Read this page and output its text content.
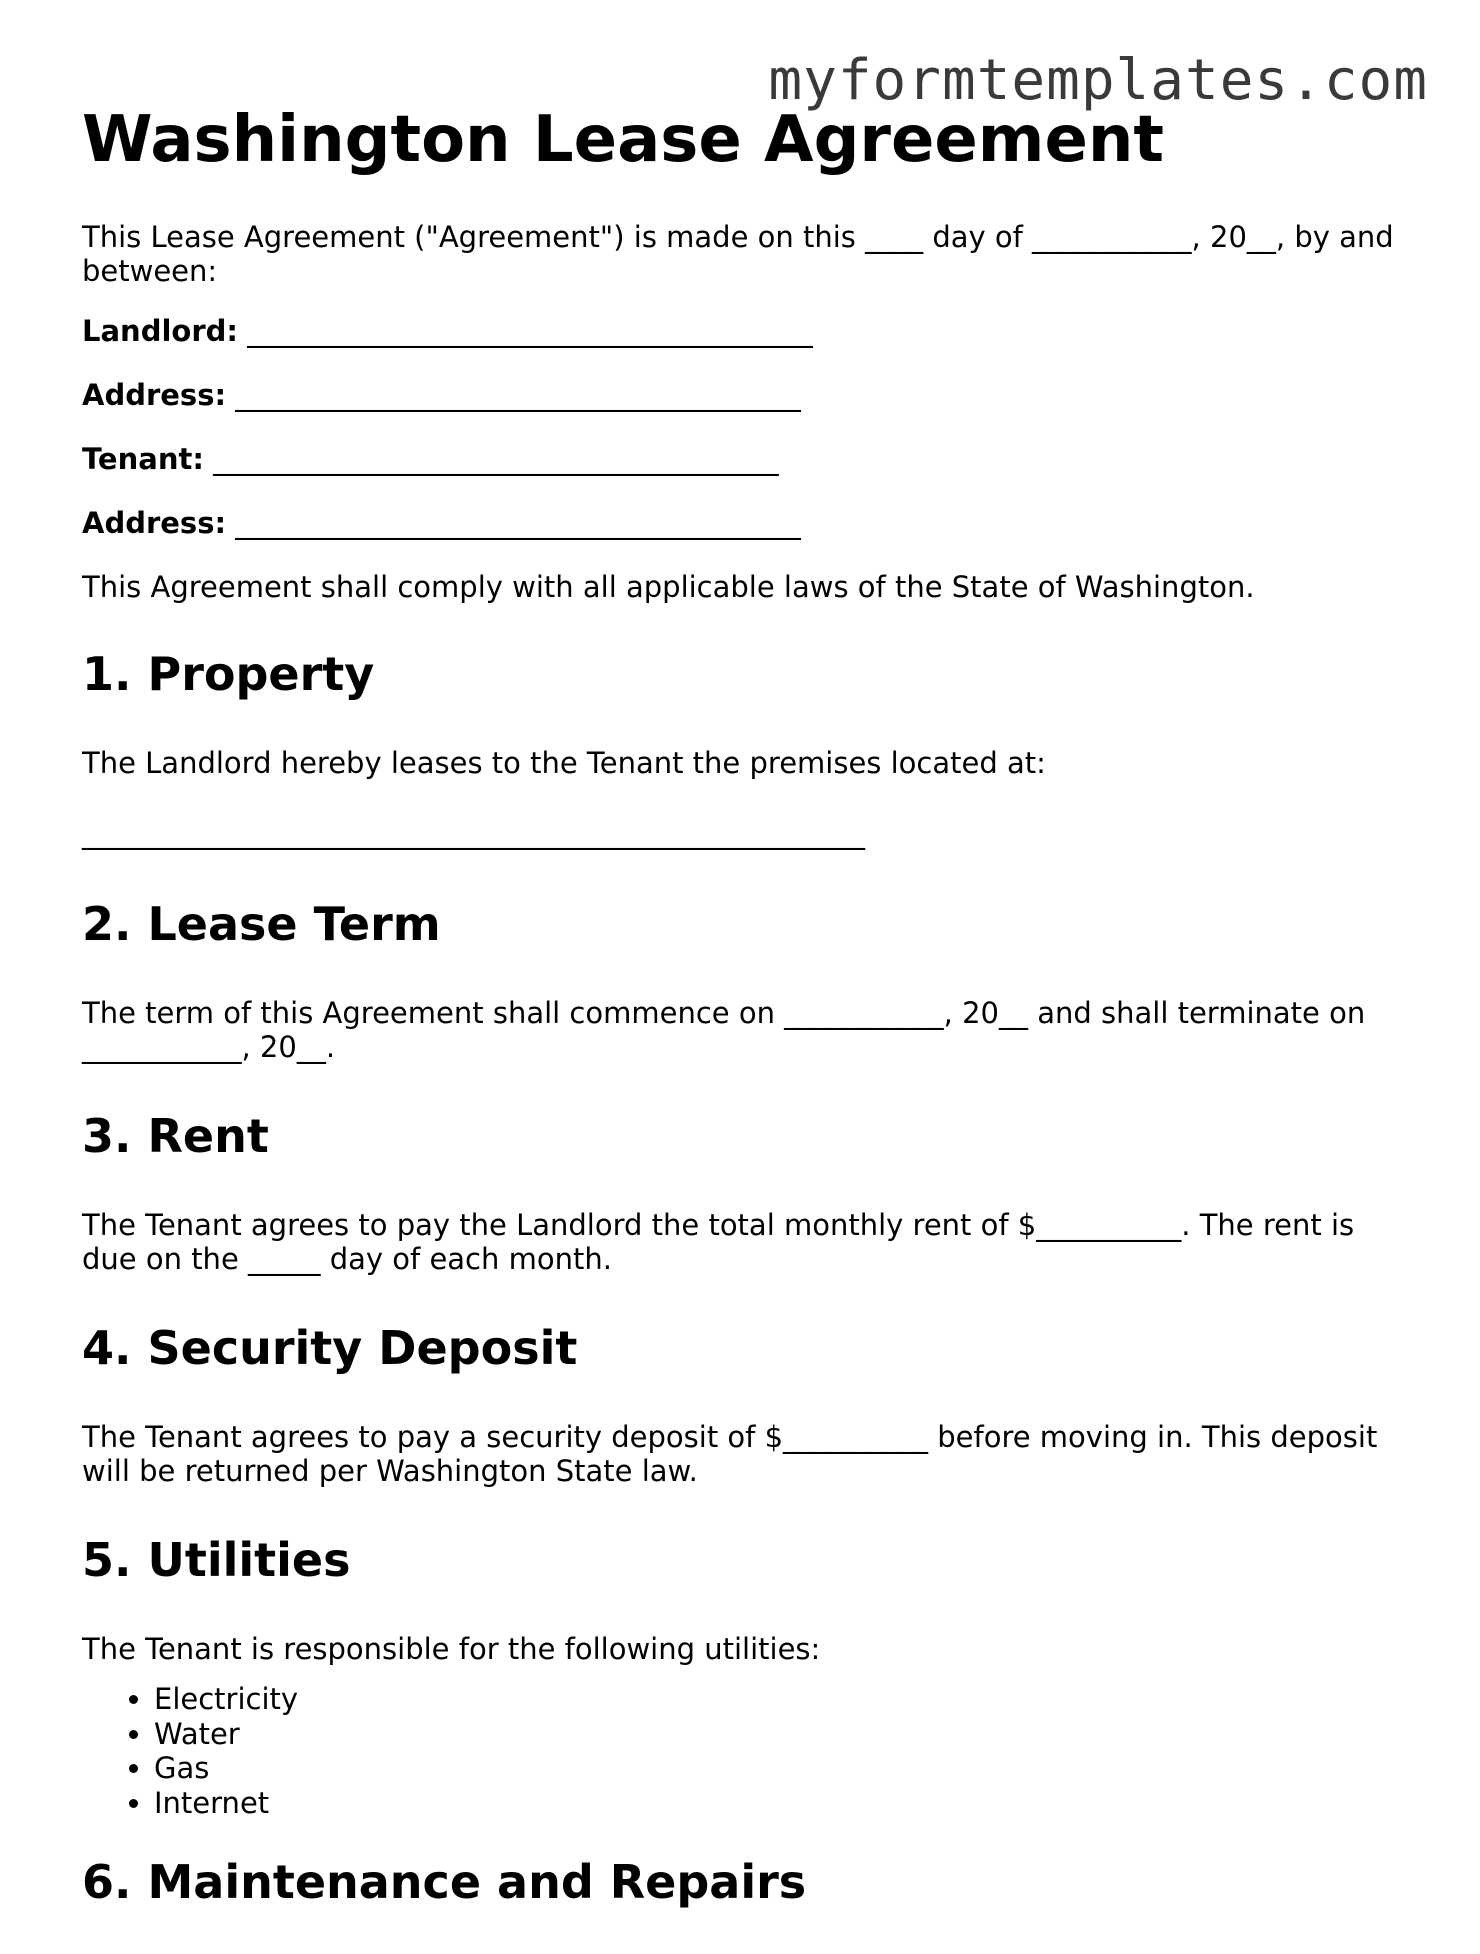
myformtemplates.com
Washington Lease Agreement

This Lease Agreement ("Agreement") is made on this ____ day of ___________, 20__, by and between:

Landlord: _______________________________________
Address: _______________________________________
Tenant: _______________________________________
Address: _______________________________________

This Agreement shall comply with all applicable laws of the State of Washington.

1. Property

The Landlord hereby leases to the Tenant the premises located at:

______________________________________________________
2. Lease Term

The term of this Agreement shall commence on ___________, 20__ and shall terminate on ___________, 20__.

3. Rent

The Tenant agrees to pay the Landlord the total monthly rent of $__________. The rent is due on the _____ day of each month.

4. Security Deposit

The Tenant agrees to pay a security deposit of $__________ before moving in. This deposit will be returned per Washington State law.

5. Utilities

The Tenant is responsible for the following utilities:

• Electricity
• Water
• Gas
• Internet
6. Maintenance and Repairs
